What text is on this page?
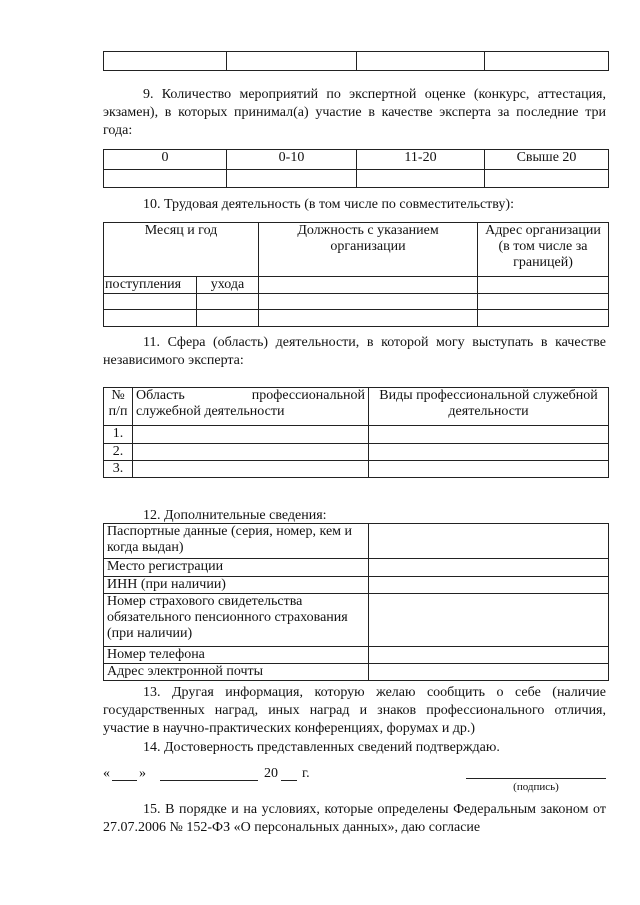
9. Количество мероприятий по экспертной оценке (конкурс, аттестация, экзамен), в которых принимал(а) участие в качестве эксперта за последние три года:
0	0-10	11-20	Свыше 20

10. Трудовая деятельность (в том числе по совместительству):
Месяц и год		Должность с указанием организации	Адрес организации (в том числе за границей)
поступления	ухода		

11. Сфера (область) деятельности, в которой могу выступать в качестве независимого эксперта:
№ п/п	Область профессиональной служебной деятельности	Виды профессиональной служебной деятельности
1.		
2.		
3.		
12. Дополнительные сведения:
Паспортные данные (серия, номер, кем и когда выдан)	
Место регистрации	
ИНН (при наличии)	
Номер страхового свидетельства обязательного пенсионного страхования (при наличии)	
Номер телефона	
Адрес электронной почты	
13. Другая информация, которую желаю сообщить о себе (наличие государственных наград, иных наград и знаков профессионального отличия, участие в научно-практических конференциях, форумах и др.)
14. Достоверность представленных сведений подтверждаю.
« »	20 г.
(подпись)
15. В порядке и на условиях, которые определены Федеральным законом от 27.07.2006 № 152-ФЗ «О персональных данных», даю согласие
